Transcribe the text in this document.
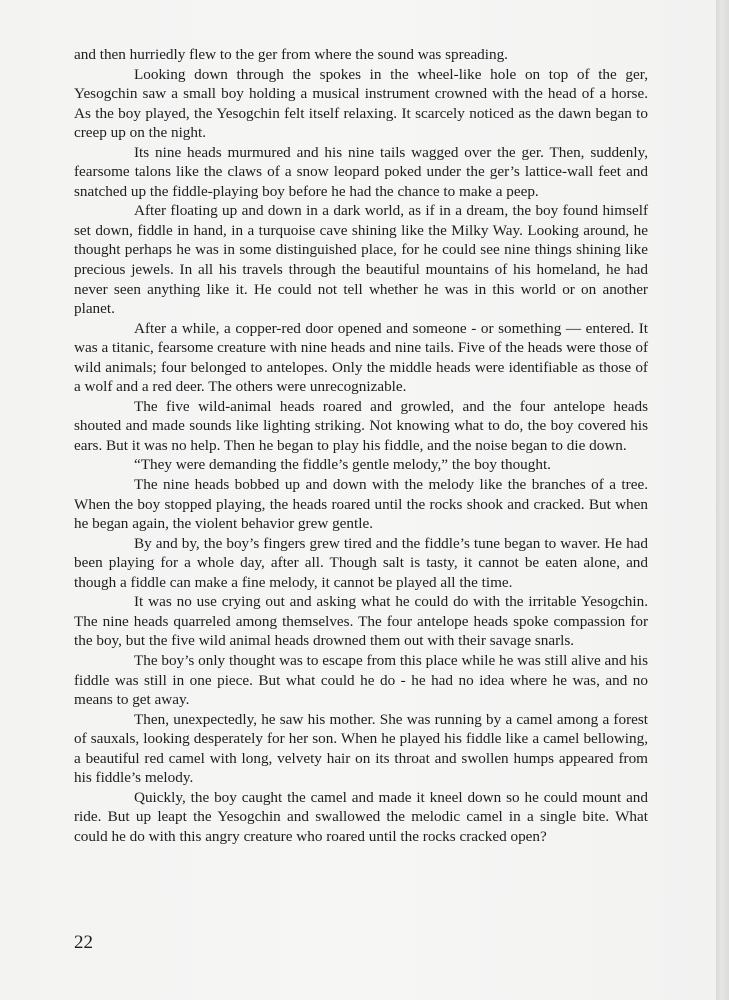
and then hurriedly flew to the ger from where the sound was spreading.

Looking down through the spokes in the wheel-like hole on top of the ger, Yesogchin saw a small boy holding a musical instrument crowned with the head of a horse. As the boy played, the Yesogchin felt itself relaxing. It scarcely noticed as the dawn began to creep up on the night.

Its nine heads murmured and his nine tails wagged over the ger. Then, suddenly, fearsome talons like the claws of a snow leopard poked under the ger’s lattice-wall feet and snatched up the fiddle-playing boy before he had the chance to make a peep.

After floating up and down in a dark world, as if in a dream, the boy found himself set down, fiddle in hand, in a turquoise cave shining like the Milky Way. Looking around, he thought perhaps he was in some distinguished place, for he could see nine things shining like precious jewels. In all his travels through the beautiful mountains of his homeland, he had never seen anything like it. He could not tell whether he was in this world or on another planet.

After a while, a copper-red door opened and someone - or something — entered. It was a titanic, fearsome creature with nine heads and nine tails. Five of the heads were those of wild animals; four belonged to antelopes. Only the middle heads were identifiable as those of a wolf and a red deer. The others were unrecognizable.

The five wild-animal heads roared and growled, and the four antelope heads shouted and made sounds like lighting striking. Not knowing what to do, the boy covered his ears. But it was no help. Then he began to play his fiddle, and the noise began to die down.

“They were demanding the fiddle’s gentle melody,” the boy thought.

The nine heads bobbed up and down with the melody like the branches of a tree. When the boy stopped playing, the heads roared until the rocks shook and cracked. But when he began again, the violent behavior grew gentle.

By and by, the boy’s fingers grew tired and the fiddle’s tune began to waver. He had been playing for a whole day, after all. Though salt is tasty, it cannot be eaten alone, and though a fiddle can make a fine melody, it cannot be played all the time.

It was no use crying out and asking what he could do with the irritable Yesogchin. The nine heads quarreled among themselves. The four antelope heads spoke compassion for the boy, but the five wild animal heads drowned them out with their savage snarls.

The boy’s only thought was to escape from this place while he was still alive and his fiddle was still in one piece. But what could he do - he had no idea where he was, and no means to get away.

Then, unexpectedly, he saw his mother. She was running by a camel among a forest of sauxals, looking desperately for her son. When he played his fiddle like a camel bellowing, a beautiful red camel with long, velvety hair on its throat and swollen humps appeared from his fiddle’s melody.

Quickly, the boy caught the camel and made it kneel down so he could mount and ride. But up leapt the Yesogchin and swallowed the melodic camel in a single bite. What could he do with this angry creature who roared until the rocks cracked open?

22
